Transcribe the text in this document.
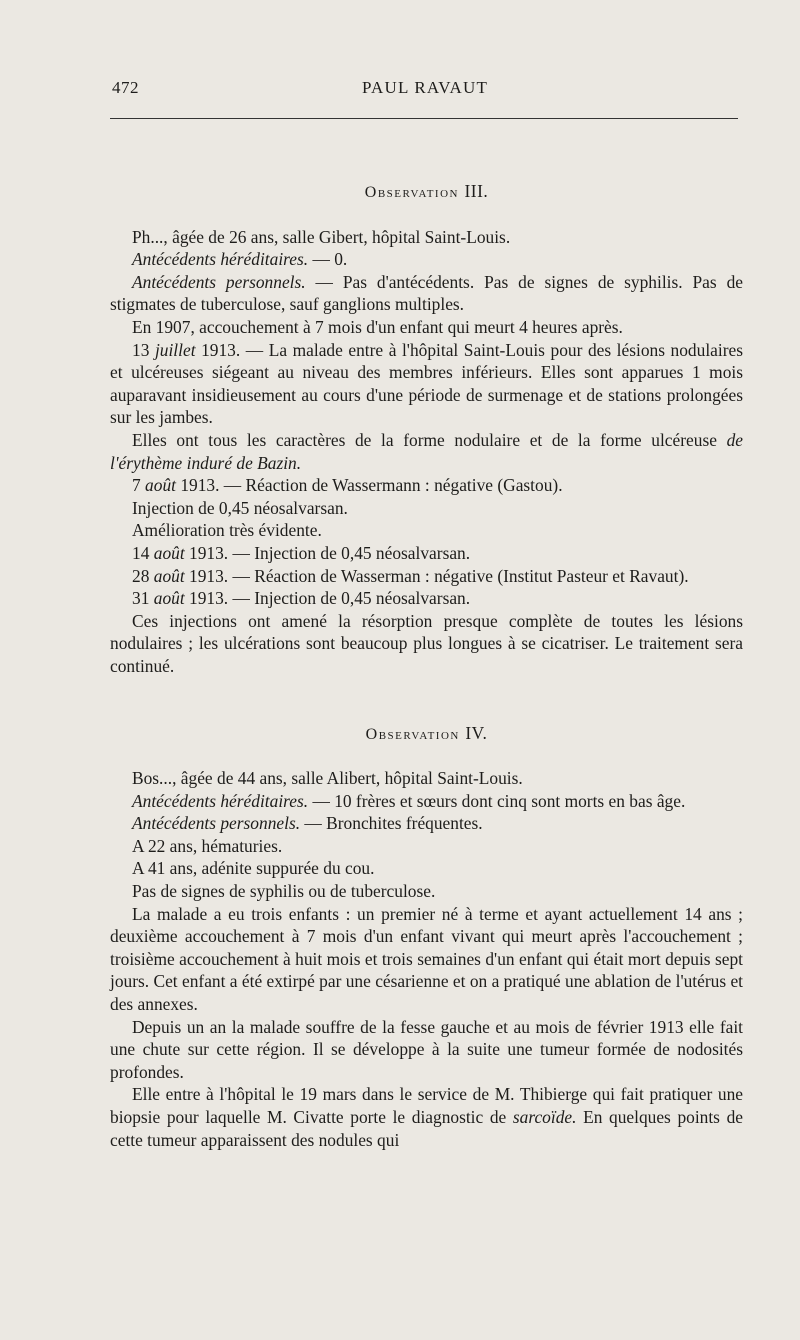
472	PAUL RAVAUT
Observation III.

Ph..., âgée de 26 ans, salle Gibert, hôpital Saint-Louis.

Antécédents héréditaires. — 0.

Antécédents personnels. — Pas d'antécédents. Pas de signes de syphilis. Pas de stigmates de tuberculose, sauf ganglions multiples.

En 1907, accouchement à 7 mois d'un enfant qui meurt 4 heures après.

13 juillet 1913. — La malade entre à l'hôpital Saint-Louis pour des lésions nodulaires et ulcéreuses siégeant au niveau des membres inférieurs. Elles sont apparues 1 mois auparavant insidieusement au cours d'une période de surmenage et de stations prolongées sur les jambes.

Elles ont tous les caractères de la forme nodulaire et de la forme ulcéreuse de l'érythème induré de Bazin.

7 août 1913. — Réaction de Wassermann : négative (Gastou).

Injection de 0,45 néosalvarsan.

Amélioration très évidente.

14 août 1913. — Injection de 0,45 néosalvarsan.

28 août 1913. — Réaction de Wasserman : négative (Institut Pasteur et Ravaut).

31 août 1913. — Injection de 0,45 néosalvarsan.

Ces injections ont amené la résorption presque complète de toutes les lésions nodulaires ; les ulcérations sont beaucoup plus longues à se cicatriser. Le traitement sera continué.

Observation IV.

Bos..., âgée de 44 ans, salle Alibert, hôpital Saint-Louis.

Antécédents héréditaires. — 10 frères et sœurs dont cinq sont morts en bas âge.

Antécédents personnels. — Bronchites fréquentes.

A 22 ans, hématuries.

A 41 ans, adénite suppurée du cou.

Pas de signes de syphilis ou de tuberculose.

La malade a eu trois enfants : un premier né à terme et ayant actuellement 14 ans ; deuxième accouchement à 7 mois d'un enfant vivant qui meurt après l'accouchement ; troisième accouchement à huit mois et trois semaines d'un enfant qui était mort depuis sept jours. Cet enfant a été extirpé par une césarienne et on a pratiqué une ablation de l'utérus et des annexes.

Depuis un an la malade souffre de la fesse gauche et au mois de février 1913 elle fait une chute sur cette région. Il se développe à la suite une tumeur formée de nodosités profondes.

Elle entre à l'hôpital le 19 mars dans le service de M. Thibierge qui fait pratiquer une biopsie pour laquelle M. Civatte porte le diagnostic de sarcoïde. En quelques points de cette tumeur apparaissent des nodules qui
